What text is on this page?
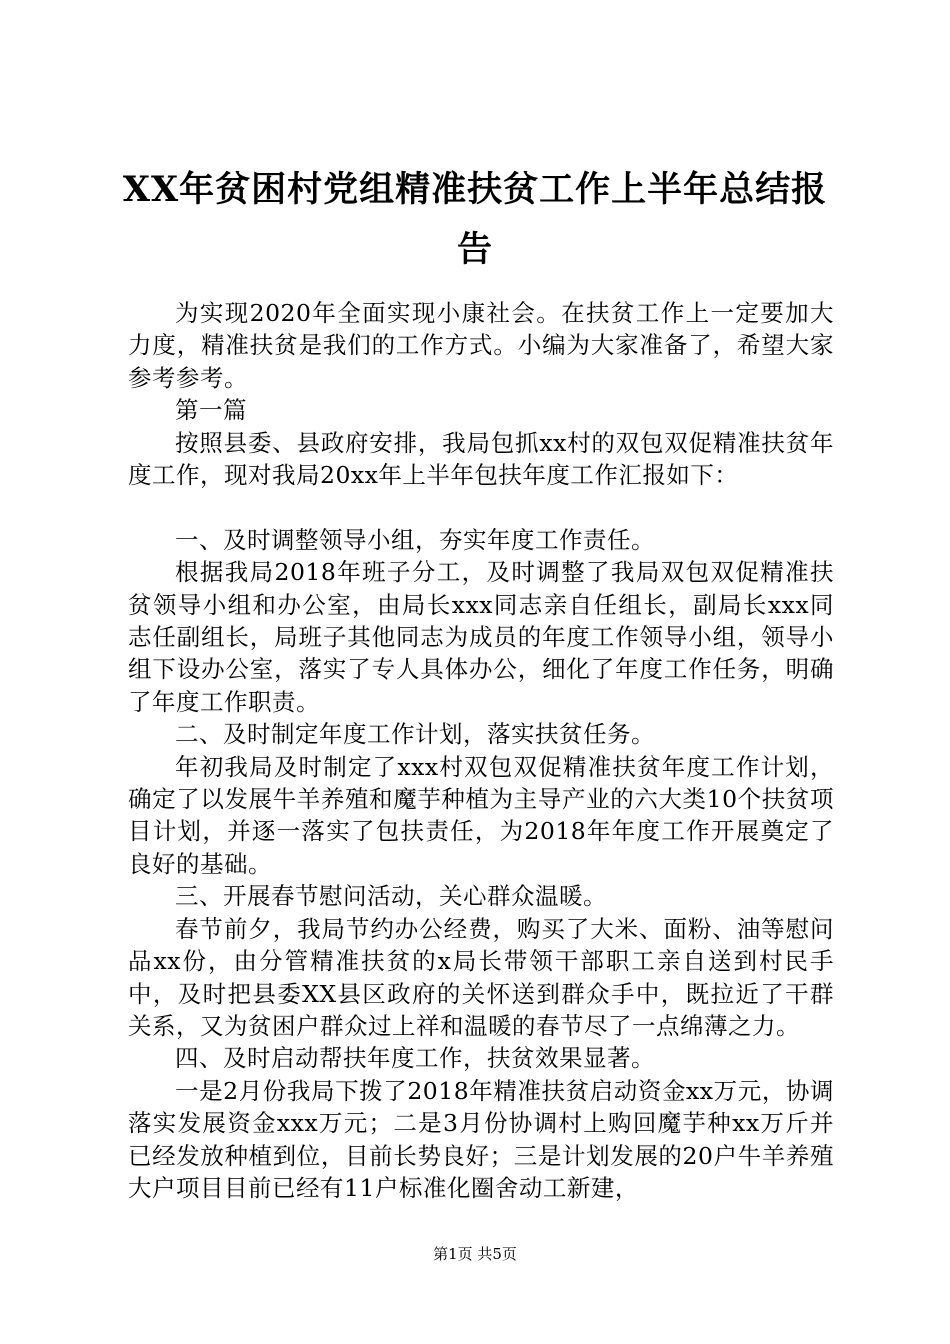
XX年贫困村党组精准扶贫工作上半年总结报告

为实现2020年全面实现小康社会。在扶贫工作上一定要加大力度，精准扶贫是我们的工作方式。小编为大家准备了，希望大家参考参考。

第一篇

按照县委、县政府安排，我局包抓xx村的双包双促精准扶贫年度工作，现对我局20xx年上半年包扶年度工作汇报如下：

一、及时调整领导小组，夯实年度工作责任。

根据我局2018年班子分工，及时调整了我局双包双促精准扶贫领导小组和办公室，由局长xxx同志亲自任组长，副局长xxx同志任副组长，局班子其他同志为成员的年度工作领导小组，领导小组下设办公室，落实了专人具体办公，细化了年度工作任务，明确了年度工作职责。

二、及时制定年度工作计划，落实扶贫任务。

年初我局及时制定了xxx村双包双促精准扶贫年度工作计划，确定了以发展牛羊养殖和魔芋种植为主导产业的六大类10个扶贫项目计划，并逐一落实了包扶责任，为2018年年度工作开展奠定了良好的基础。

三、开展春节慰问活动，关心群众温暖。

春节前夕，我局节约办公经费，购买了大米、面粉、油等慰问品xx份，由分管精准扶贫的x局长带领干部职工亲自送到村民手中，及时把县委XX县区政府的关怀送到群众手中，既拉近了干群关系，又为贫困户群众过上祥和温暖的春节尽了一点绵薄之力。

四、及时启动帮扶年度工作，扶贫效果显著。

一是2月份我局下拨了2018年精准扶贫启动资金xx万元，协调落实发展资金xxx万元；二是3月份协调村上购回魔芋种xx万斤并已经发放种植到位，目前长势良好；三是计划发展的20户牛羊养殖大户项目目前已经有11户标准化圈舍动工新建，

第1页 共5页
